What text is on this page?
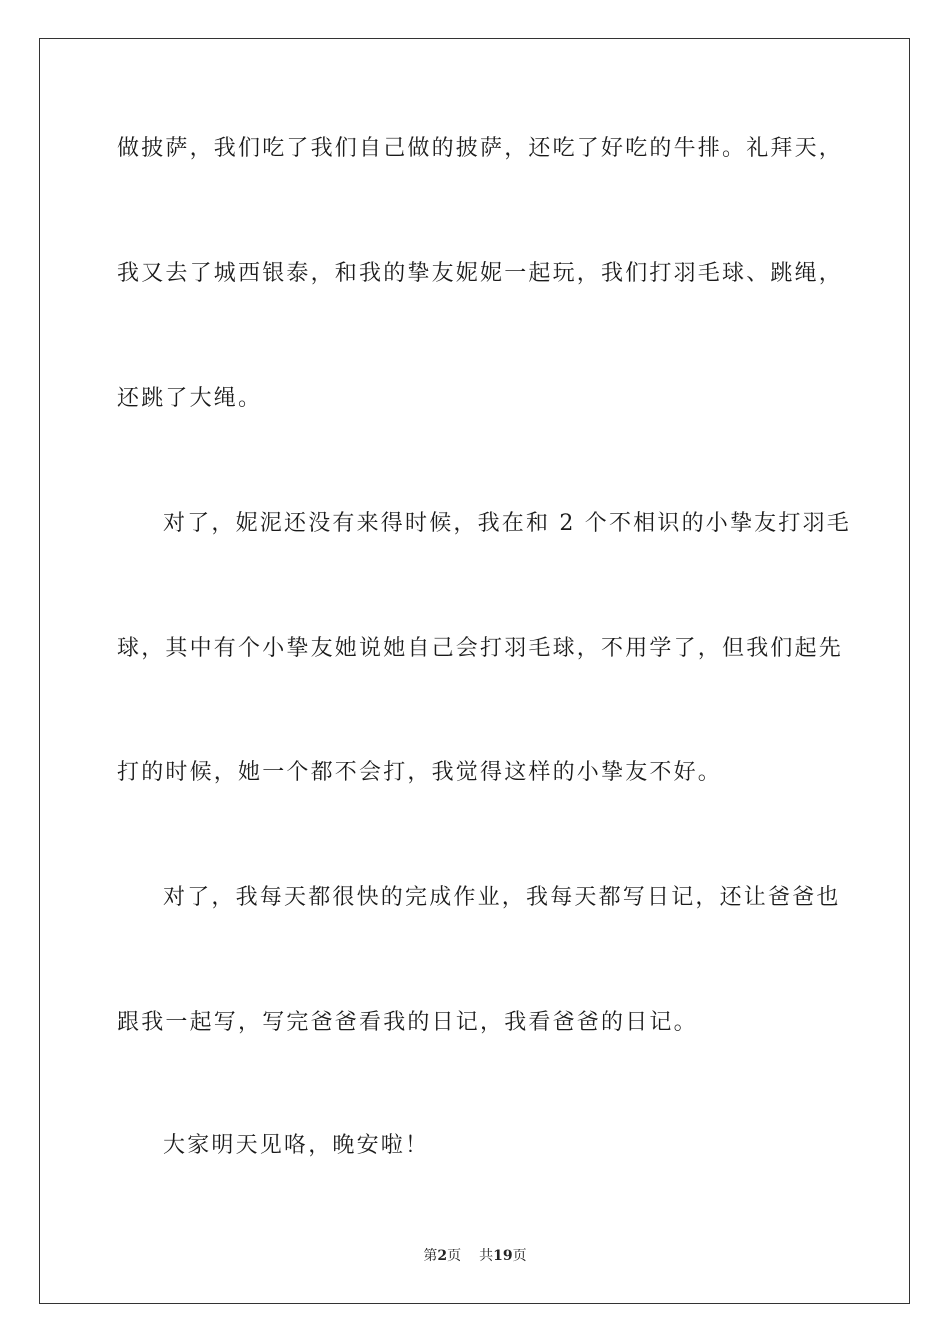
做披萨，我们吃了我们自己做的披萨，还吃了好吃的牛排。礼拜天，
我又去了城西银泰，和我的挚友妮妮一起玩，我们打羽毛球、跳绳，
还跳了大绳。
对了，妮泥还没有来得时候，我在和 2 个不相识的小挚友打羽毛
球，其中有个小挚友她说她自己会打羽毛球，不用学了，但我们起先
打的时候，她一个都不会打，我觉得这样的小挚友不好。
对了，我每天都很快的完成作业，我每天都写日记，还让爸爸也
跟我一起写，写完爸爸看我的日记，我看爸爸的日记。
大家明天见咯，晚安啦！
第2页 共19页
